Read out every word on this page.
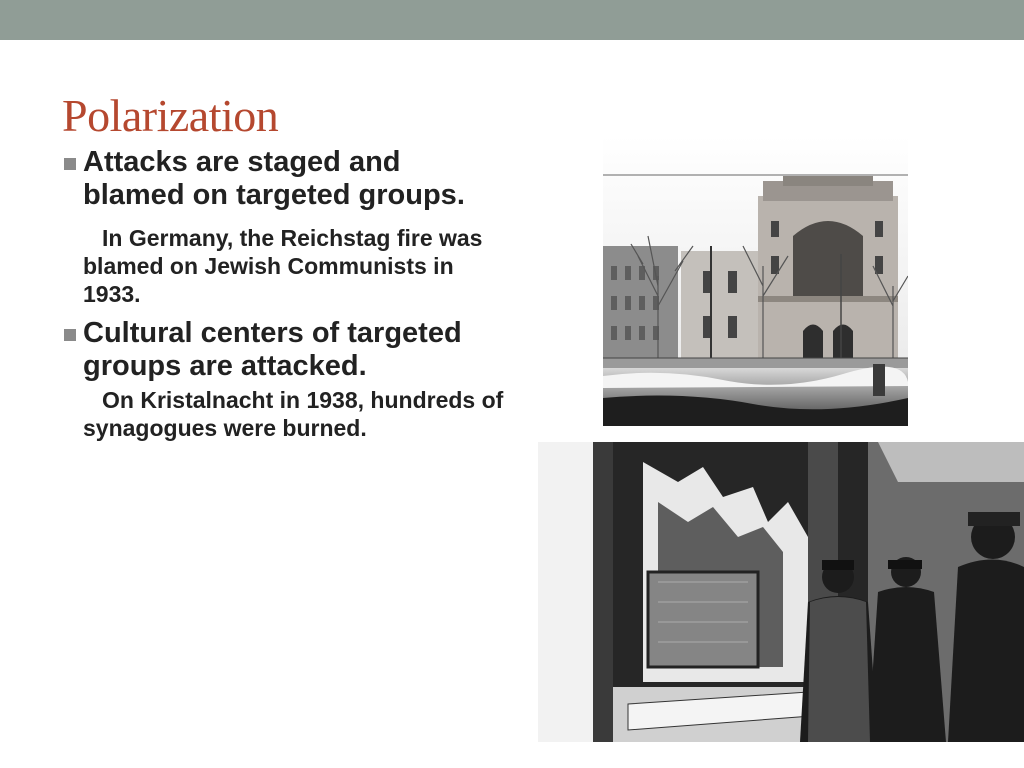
Polarization
Attacks are staged and blamed on targeted groups.
In Germany, the Reichstag fire was blamed on Jewish Communists in 1933.
Cultural centers of targeted groups are attacked.
On Kristalnacht in 1938, hundreds of synagogues were burned.
